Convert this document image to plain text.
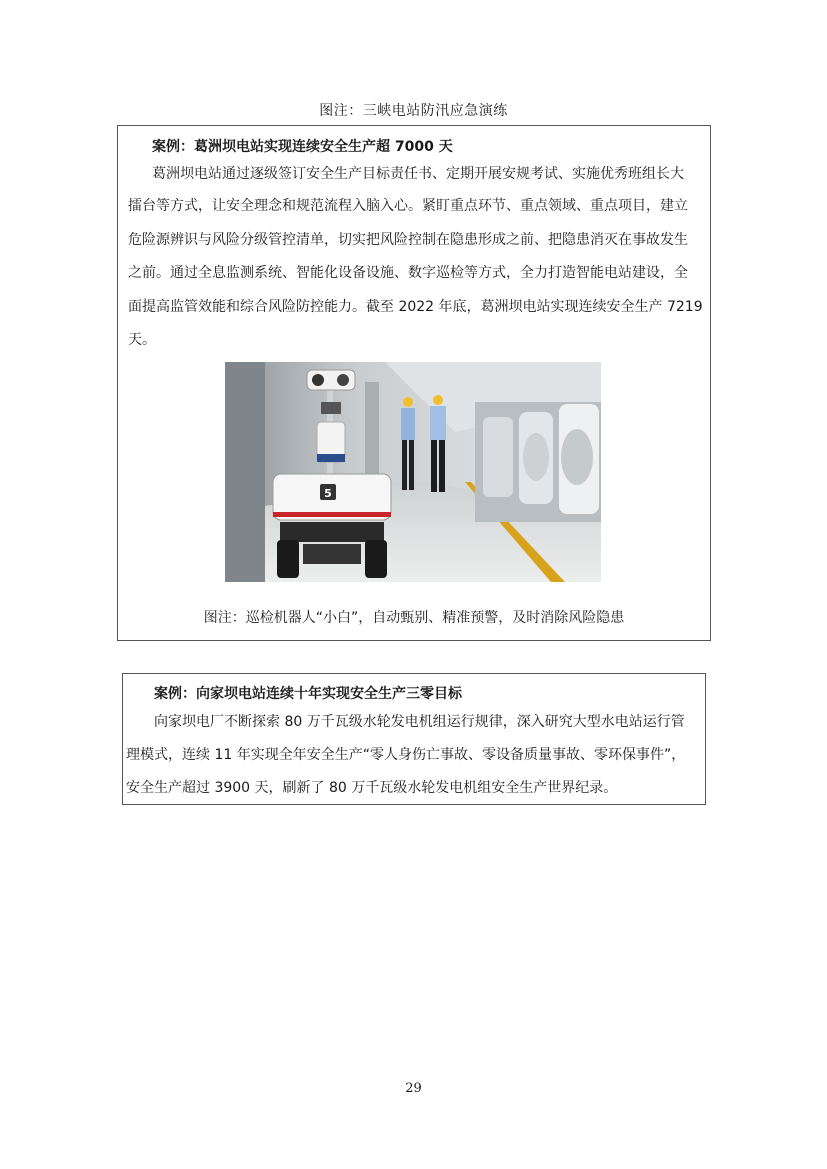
图注：三峡电站防汛应急演练
案例：葛洲坝电站实现连续安全生产超 7000 天
葛洲坝电站通过逐级签订安全生产目标责任书、定期开展安规考试、实施优秀班组长大
擂台等方式，让安全理念和规范流程入脑入心。紧盯重点环节、重点领域、重点项目，建立
危险源辨识与风险分级管控清单，切实把风险控制在隐患形成之前、把隐患消灭在事故发生
之前。通过全息监测系统、智能化设备设施、数字巡检等方式，全力打造智能电站建设，全
面提高监管效能和综合风险防控能力。截至 2022 年底，葛洲坝电站实现连续安全生产 7219
天。
5
图注：巡检机器人“小白”，自动甄别、精准预警，及时消除风险隐患
案例：向家坝电站连续十年实现安全生产三零目标
向家坝电厂不断探索 80 万千瓦级水轮发电机组运行规律，深入研究大型水电站运行管
理模式，连续 11 年实现全年安全生产“零人身伤亡事故、零设备质量事故、零环保事件”，
安全生产超过 3900 天，刷新了 80 万千瓦级水轮发电机组安全生产世界纪录。
29
